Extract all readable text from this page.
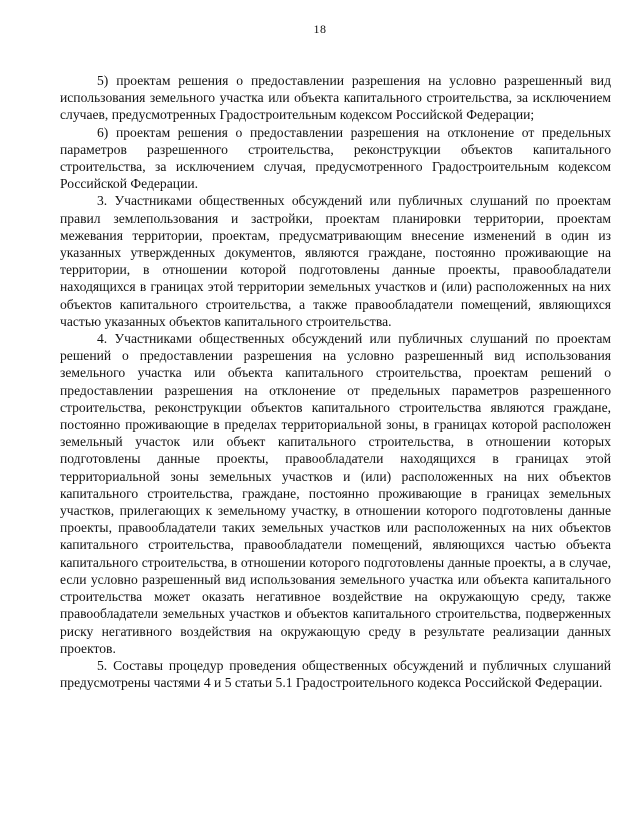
18

5) проектам решения о предоставлении разрешения на условно разрешенный вид использования земельного участка или объекта капитального строительства, за исключением случаев, предусмотренных Градостроительным кодексом Российской Федерации;

6) проектам решения о предоставлении разрешения на отклонение от предельных параметров разрешенного строительства, реконструкции объектов капитального строительства, за исключением случая, предусмотренного Градостроительным кодексом Российской Федерации.

3. Участниками общественных обсуждений или публичных слушаний по проектам правил землепользования и застройки, проектам планировки территории, проектам межевания территории, проектам, предусматривающим внесение изменений в один из указанных утвержденных документов, являются граждане, постоянно проживающие на территории, в отношении которой подготовлены данные проекты, правообладатели находящихся в границах этой территории земельных участков и (или) расположенных на них объектов капитального строительства, а также правообладатели помещений, являющихся частью указанных объектов капитального строительства.

4. Участниками общественных обсуждений или публичных слушаний по проектам решений о предоставлении разрешения на условно разрешенный вид использования земельного участка или объекта капитального строительства, проектам решений о предоставлении разрешения на отклонение от предельных параметров разрешенного строительства, реконструкции объектов капитального строительства являются граждане, постоянно проживающие в пределах территориальной зоны, в границах которой расположен земельный участок или объект капитального строительства, в отношении которых подготовлены данные проекты, правообладатели находящихся в границах этой территориальной зоны земельных участков и (или) расположенных на них объектов капитального строительства, граждане, постоянно проживающие в границах земельных участков, прилегающих к земельному участку, в отношении которого подготовлены данные проекты, правообладатели таких земельных участков или расположенных на них объектов капитального строительства, правообладатели помещений, являющихся частью объекта капитального строительства, в отношении которого подготовлены данные проекты, а в случае, если условно разрешенный вид использования земельного участка или объекта капитального строительства может оказать негативное воздействие на окружающую среду, также правообладатели земельных участков и объектов капитального строительства, подверженных риску негативного воздействия на окружающую среду в результате реализации данных проектов.

5. Составы процедур проведения общественных обсуждений и публичных слушаний предусмотрены частями 4 и 5 статьи 5.1 Градостроительного кодекса Российской Федерации.
